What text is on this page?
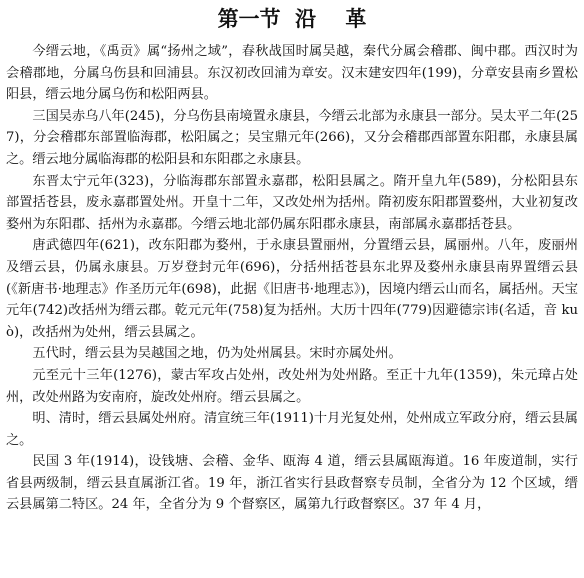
第一节  沿    革

今缙云地，《禹贡》属“扬州之域”，春秋战国时属吴越，秦代分属会稽郡、闽中郡。西汉时为会稽郡地，分属乌伤县和回浦县。东汉初改回浦为章安。汉末建安四年(199)，分章安县南乡置松阳县，缙云地分属乌伤和松阳两县。

三国吴赤乌八年(245)，分乌伤县南境置永康县，今缙云北部为永康县一部分。吴太平二年(257)，分会稽郡东部置临海郡，松阳属之；吴宝鼎元年(266)，又分会稽郡西部置东阳郡，永康县属之。缙云地分属临海郡的松阳县和东阳郡之永康县。

东晋太宁元年(323)，分临海郡东部置永嘉郡，松阳县属之。隋开皇九年(589)，分松阳县东部置括苍县，废永嘉郡置处州。开皇十二年，又改处州为括州。隋初废东阳郡置婺州，大业初复改婺州为东阳郡、括州为永嘉郡。今缙云地北部仍属东阳郡永康县，南部属永嘉郡括苍县。

唐武德四年(621)，改东阳郡为婺州，于永康县置丽州，分置缙云县，属丽州。八年，废丽州及缙云县，仍属永康县。万岁登封元年(696)，分括州括苍县东北界及婺州永康县南界置缙云县(《新唐书·地理志》作圣历元年(698)，此据《旧唐书·地理志》)，因境内缙云山而名，属括州。天宝元年(742)改括州为缙云郡。乾元元年(758)复为括州。大历十四年(779)因避德宗讳(名适，音 kuò)，改括州为处州，缙云县属之。

五代时，缙云县为吴越国之地，仍为处州属县。宋时亦属处州。

元至元十三年(1276)，蒙古军攻占处州，改处州为处州路。至正十九年(1359)，朱元璋占处州，改处州路为安南府，旋改处州府。缙云县属之。

明、清时，缙云县属处州府。清宣统三年(1911)十月光复处州，处州成立军政分府，缙云县属之。

民国 3 年(1914)，设钱塘、会稽、金华、瓯海 4 道，缙云县属瓯海道。16 年废道制，实行省县两级制，缙云县直属浙江省。19 年，浙江省实行县政督察专员制，全省分为 12 个区域，缙云县属第二特区。24 年，全省分为 9 个督察区，属第九行政督察区。37 年 4 月，
